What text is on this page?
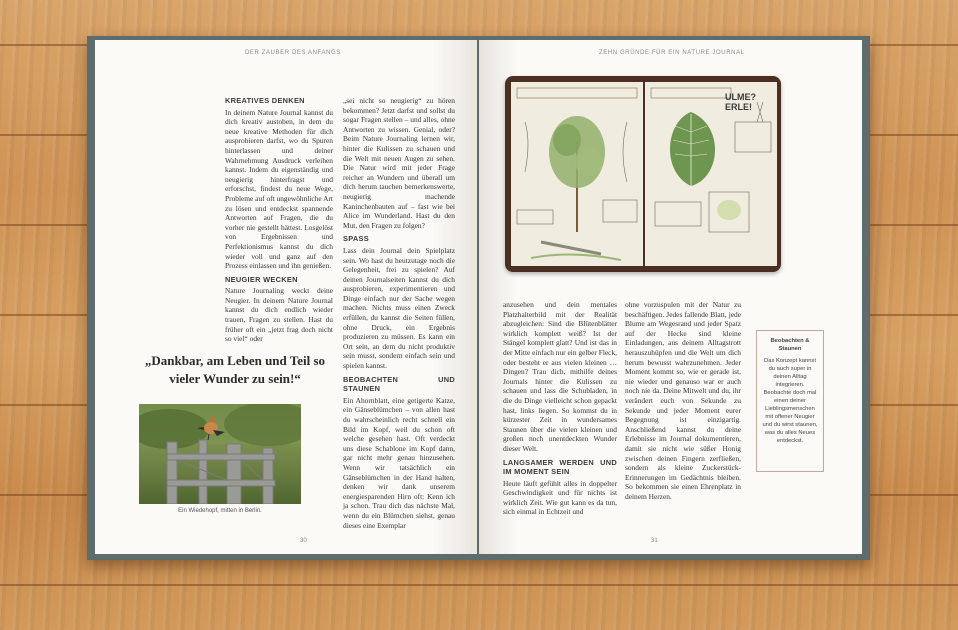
DER ZAUBER DES ANFANGS
KREATIVES DENKEN

In deinem Nature Journal kannst du dich kreativ austoben, in dem du neue kreative Methoden für dich ausprobieren darfst, wo du Spuren hinterlassen und deiner Wahrnehmung Ausdruck verleihen kannst. Indem du eigenständig und neugierig hinterfragst und erforschst, findest du neue Wege, Probleme auf oft ungewöhnliche Art zu lösen und entdeckst spannende Antworten auf Fragen, die du vorher nie gestellt hättest. Losgelöst von Ergebnissen und Perfektionismus kannst du dich wieder voll und ganz auf den Prozess einlassen und ihn genießen.

NEUGIER WECKEN

Nature Journaling weckt deine Neugier. In deinem Nature Journal kannst du dich endlich wieder trauen, Fragen zu stellen. Hast du früher oft ein „jetzt frag doch nicht so viel“ oder

„sei nicht so neugierig“ zu hören bekommen? Jetzt darfst und sollst du sogar Fragen stellen – und alles, ohne Antworten zu wissen. Genial, oder? Beim Nature Journaling lernen wir, hinter die Kulissen zu schauen und die Welt mit neuen Augen zu sehen. Die Natur wird mit jeder Frage reicher an Wundern und überall um dich herum tauchen bemerkenswerte, neugierig machende Kaninchenbauten auf – fast wie bei Alice im Wunderland. Hast du den Mut, den Fragen zu folgen?

SPASS

Lass dein Journal dein Spielplatz sein. Wo hast du heutzutage noch die Gelegenheit, frei zu spielen? Auf deinen Journalseiten kannst du dich ausprobieren, experimentieren und Dinge einfach nur der Sache wegen machen. Nichts muss einen Zweck erfüllen, du kannst die Seiten füllen, ohne Druck, ein Ergebnis produzieren zu müssen. Es kann ein Ort sein, an dem du nicht produktiv sein musst, sondern einfach sein und spielen kannst.

BEOBACHTEN UND STAUNEN

Ein Ahornblatt, eine getigerte Katze, ein Gänseblümchen – von allen hast du wahrscheinlich recht schnell ein Bild im Kopf, weil du schon oft welche gesehen hast. Oft verdeckt uns diese Schablone im Kopf dann, gar nicht mehr genau hinzusehen. Wenn wir tatsächlich ein Gänseblümchen in der Hand halten, denken wir dank unserem energiesparenden Hirn oft: Kenn ich ja schon. Trau dich das nächste Mal, wenn du ein Blümchen siehst, genau dieses eine Exemplar

„Dankbar, am Leben und Teil so vieler Wunder zu sein!“
Ein Wiedehopf, mitten in Berlin.
30
ZEHN GRÜNDE FÜR EIN NATURE JOURNAL
ULME? ERLE!

anzusehen und dein mentales Platzhalterbild mit der Realität abzugleichen: Sind die Blütenblätter wirklich komplett weiß? Ist der Stängel komplett glatt? Und ist das in der Mitte einfach nur ein gelber Fleck, oder besteht er aus vielen kleinen … Dingen? Trau dich, mithilfe deines Journals hinter die Kulissen zu schauen und lass die Schubladen, in die du Dinge vielleicht schon gepackt hast, links liegen. So kommst du in kürzester Zeit in wundersames Staunen über die vielen kleinen und großen noch unentdeckten Wunder dieser Welt.

LANGSAMER WERDEN UND IM MOMENT SEIN

Heute läuft gefühlt alles in doppelter Geschwindigkeit und für nichts ist wirklich Zeit. Wie gut kann es da tun, sich einmal in Echtzeit und

ohne vorzuspulen mit der Natur zu beschäftigen. Jedes fallende Blatt, jede Blume am Wegesrand und jeder Spatz auf der Hecke sind kleine Einladungen, aus deinem Alltagstrott herauszuhüpfen und die Welt um dich herum bewusst wahrzunehmen. Jeder Moment kommt so, wie er gerade ist, nie wieder und genauso war er auch noch nie da. Deine Mitwelt und du, ihr verändert euch von Sekunde zu Sekunde und jeder Moment eurer Begegnung ist einzigartig. Anschließend kannst du deine Erlebnisse im Journal dokumentieren, damit sie nicht wie süßer Honig zwischen deinen Fingern zerfließen, sondern als kleine Zuckerstück-Erinnerungen im Gedächtnis bleiben. So bekommen sie einen Ehrenplatz in deinem Herzen.

Beobachten & Staunen
Das Konzept kannst du auch super in deinen Alltag integrieren. Beobachte doch mal einen deiner Lieblingsmenschen mit offener Neugier und du wirst staunen, was du alles Neues entdeckst.
31
